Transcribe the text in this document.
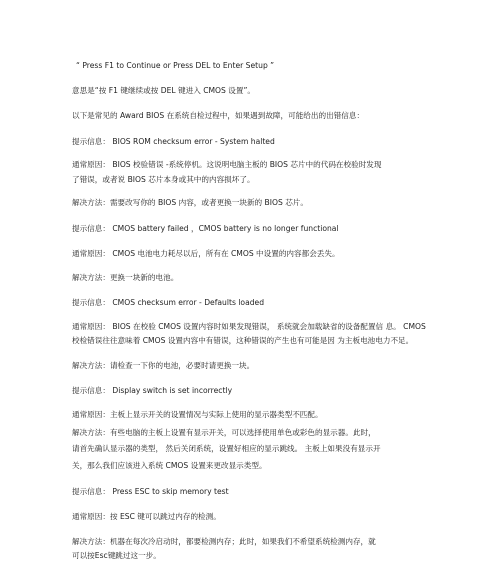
“ Press F1 to Continue or Press DEL to Enter Setup ”
意思是“按 F1 键继续或按 DEL 键进入 CMOS 设置”。
以下是常见的 Award BIOS 在系统自检过程中，如果遇到故障，可能给出的出错信息：
提示信息： BIOS ROM checksum error - System halted
通常原因： BIOS 校验错误 -系统停机。这说明电脑主板的 BIOS 芯片中的代码在校验时发现
了错误，或者说 BIOS 芯片本身或其中的内容损坏了。
解决方法：需要改写你的 BIOS 内容，或者更换一块新的 BIOS 芯片。
提示信息： CMOS battery failed ，CMOS battery is no longer functional
通常原因： CMOS 电池电力耗尽以后，所有在 CMOS 中设置的内容都会丢失。
解决方法：更换一块新的电池。
提示信息： CMOS checksum error - Defaults loaded
通常原因： BIOS 在校验 CMOS 设置内容时如果发现错误， 系统就会加载缺省的设备配置信 息。 CMOS
校检错误往往意味着 CMOS 设置内容中有错误，这种错误的产生也有可能是因 为主板电池电力不足。
解决方法：请检查一下你的电池，必要时请更换一块。
提示信息： Display switch is set incorrectly
通常原因：主板上显示开关的设置情况与实际上使用的显示器类型不匹配。
解决方法：有些电脑的主板上设置有显示开关，可以选择使用单色或彩色的显示器。此时，
请首先确认显示器的类型， 然后关闭系统，设置好相应的显示跳线。 主板上如果没有显示开
关，那么我们应该进入系统 CMOS 设置来更改显示类型。
提示信息： Press ESC to skip memory test
通常原因：按 ESC 键可以跳过内存的检测。
解决方法：机器在每次冷启动时，都要检测内存；此时，如果我们不希望系统检测内存，就
可以按Esc键跳过这一步。
